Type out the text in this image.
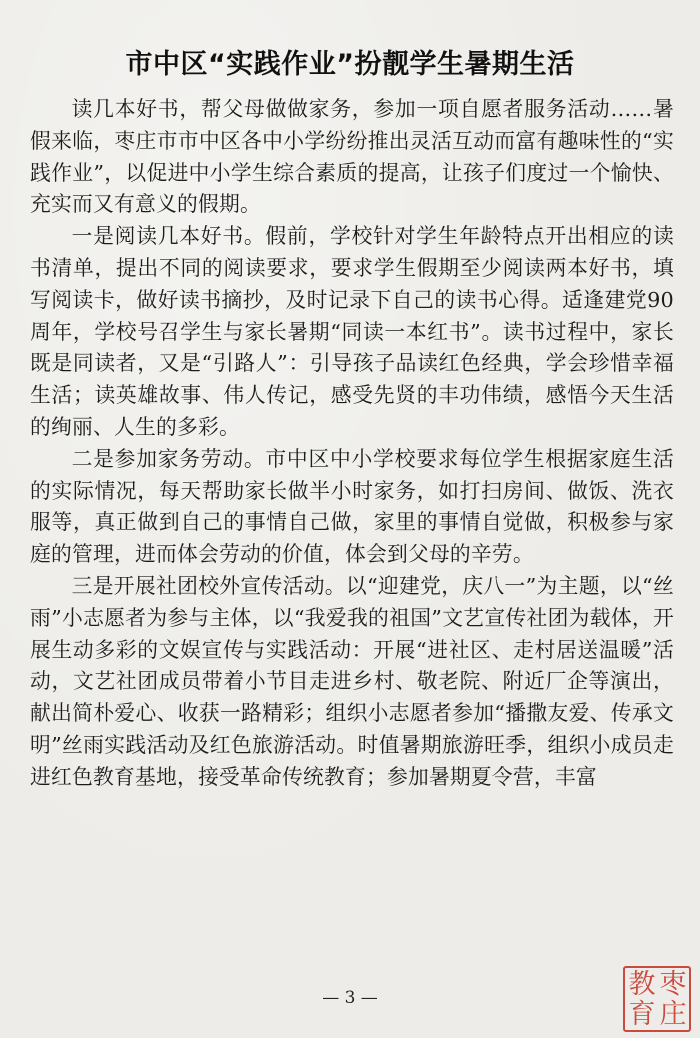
市中区“实践作业”扮靓学生暑期生活

读几本好书，帮父母做做家务，参加一项自愿者服务活动……暑假来临，枣庄市市中区各中小学纷纷推出灵活互动而富有趣味性的“实践作业”，以促进中小学生综合素质的提高，让孩子们度过一个愉快、充实而又有意义的假期。

一是阅读几本好书。假前，学校针对学生年龄特点开出相应的读书清单，提出不同的阅读要求，要求学生假期至少阅读两本好书，填写阅读卡，做好读书摘抄，及时记录下自己的读书心得。适逢建党90周年，学校号召学生与家长暑期“同读一本红书”。读书过程中，家长既是同读者，又是“引路人”：引导孩子品读红色经典，学会珍惜幸福生活；读英雄故事、伟人传记，感受先贤的丰功伟绩，感悟今天生活的绚丽、人生的多彩。

二是参加家务劳动。市中区中小学校要求每位学生根据家庭生活的实际情况，每天帮助家长做半小时家务，如打扫房间、做饭、洗衣服等，真正做到自己的事情自己做，家里的事情自觉做，积极参与家庭的管理，进而体会劳动的价值，体会到父母的辛劳。

三是开展社团校外宣传活动。以“迎建党，庆八一”为主题，以“丝雨”小志愿者为参与主体，以“我爱我的祖国”文艺宣传社团为载体，开展生动多彩的文娱宣传与实践活动：开展“进社区、走村居送温暖”活动，文艺社团成员带着小节目走进乡村、敬老院、附近厂企等演出，献出简朴爱心、收获一路精彩；组织小志愿者参加“播撒友爱、传承文明”丝雨实践活动及红色旅游活动。时值暑期旅游旺季，组织小成员走进红色教育基地，接受革命传统教育；参加暑期夏令营，丰富

— 3 —	枣
庄
教
育
